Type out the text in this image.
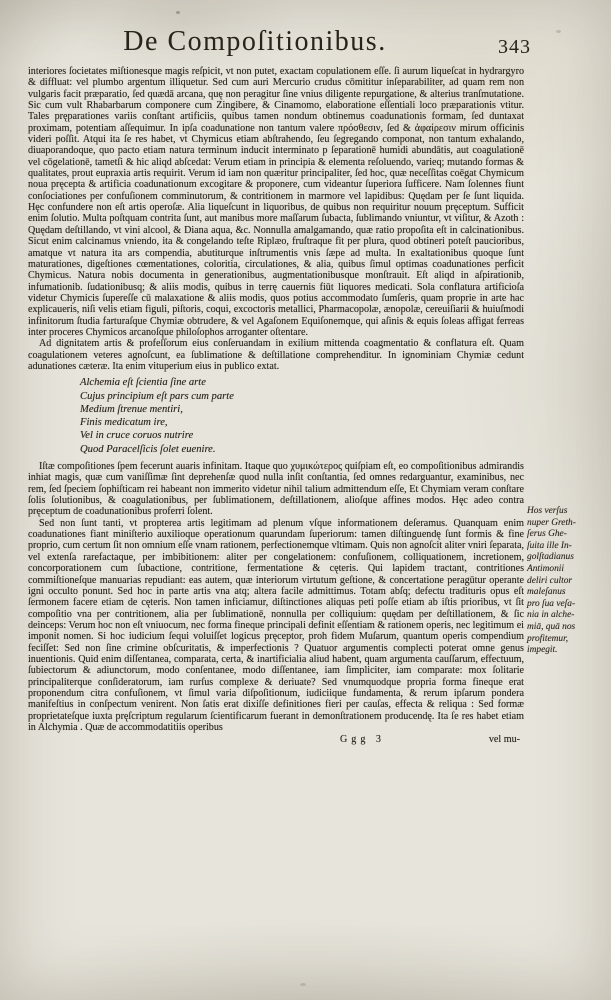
De Compoſitionibus.	343

interiores ſocietates miſtionesque magis reſpicit, vt non putet, exactam copulationem eſſe. ſi aurum liqueſcat in hydrargyro & diffluat: vel plumbo argentum illiquetur. Sed cum auri Mercurio crudus cōmititur inſeparabiliter, ad quam rem non vulgaris facit præparatio, ſed quædā arcana, quę non peragitur ſine vnius diligente repurgatione, & alterius tranſmutatione. Sic cum vult Rhabarbarum componere cum Zingibere, & Cinamomo, elaboratione eſſentiali loco præparationis vtitur. Tales pręparationes variis conſtant artificiis, quibus tamen nondum obtinemus coadunationis formam, ſed duntaxat proximam, potentiam aſſequimur. In ipſa coadunatione non tantum valere πρόσθεσιν, ſed & ἀφαίρεσιν mirum officinis videri poſſit. Atqui ita ſe res habet, vt Chymicus etiam abſtrahendo, ſeu ſegregando componat, non tantum exhalando, diuaporandoque, quo pacto etiam natura terminum inducit interminato p ſeparationē humidi abundātis, aut coagulationē vel cōgelationē, tametſi & hic aliqd abſcedat: Verum etiam in principia & elementa reſoluendo, varieq; mutando formas & qualitates, prout eupraxia artis requirit. Verum id iam non quæritur principaliter, ſed hoc, quæ neceſſitas coēgat Chymicum noua pręcepta & artificia coadunationum excogitare & proponere, cum videantur ſuperiora ſufficere. Nam ſolennes fiunt conſociationes per confuſionem comminutorum, & contritionem in marmore vel lapidibus: Quędam per ſe ſunt liquida. Hęc confundere non eſt artis operoſæ. Alia liqueſcunt in liquoribus, de quibus non requiritur nouum pręceptum. Sufficit enim ſolutio. Multa poſtquam contrita ſunt, aut manibus more maſſarum ſubacta, ſublimando vniuntur, vt viſitur, & Azoth : Quędam deſtillando, vt vini alcool, & Diana aqua, &c. Nonnulla amalgamando, quæ ratio propoſita eſt in calcinationibus. Sicut enim calcinamus vniendo, ita & congelando teſte Riplæo, fruſtraque fit per plura, quod obtineri poteſt paucioribus, amatque vt natura ita ars compendia, abutiturque inſtrumentis vnis ſæpe ad multa. In exaltationibus quoque ſunt maturationes, digeſtiones cœmentationes, coloritia, circulationes, & alia, quibus ſimul optimas coadunationes perficit Chymicus. Natura nobis documenta in generationibus, augmentationibusque monſtrauit. Eſt aliqd in aſpirationib, infumationib. ſudationibusq; & aliis modis, quibus in terrę cauernis fiūt liquores medicati. Sola conflatura artificioſa videtur Chymicis ſupereſſe cū malaxatione & aliis modis, quos potius accommodato ſumſeris, quam proprie in arte hac explicaueris, niſi velis etiam figuli, piſtoris, coqui, excoctoris metallici, Pharmacopolæ, ænopolæ, cereuiſiarii & huiuſmodi infinitorum ſtudia farturaſque Chymiæ obtrudere, & vel Agaſonem Equiſonemque, qui aſinis & equis ſoleas affigat ferreas inter proceres Chymicos arcanoſque philoſophos arroganter oſtentare.

Ad dignitatem artis & profeſſorum eius conſeruandam in exilium mittenda coagmentatio & conflatura eſt. Quam coagulationem veteres agnoſcunt, ea ſublimatione & deſtillatione comprehenditur. In ignominiam Chymiæ cedunt adunationes cæteræ. Ita enim vituperium eius in publico extat.

Alchemia eſt ſcientia ſine arte
Cujus principium eſt pars cum parte
Medium ſtrenue mentiri,
Finis medicatum ire,
Vel in cruce coruos nutrire
Quod Paracelſicis ſolet euenire.

Iſtæ compoſitiones ſpem fecerunt auaris infinitam. Itaque quo χυμικώτερος quiſpiam eſt, eo compoſitionibus admirandis inhiat magis, quæ cum vaniſſimæ ſint deprehenſæ quod nulla inſit conſtantia, ſed omnes redarguantur, examinibus, nec rem, ſed ſpeciem ſophiſticam rei habeant non immerito videtur nihil talium admittendum eſſe, Et Chymiam veram conſtare ſolis ſolutionibus, & coagulationibus, per ſublimationem, deſtillationem, alioſque affines modos. Hęc adeo contra pręceptum de coadunationibus proferri ſolent.

Sed non ſunt tanti, vt propterea artis legitimam ad plenum vſque informationem deſeramus. Quanquam enim coadunationes fiant miniſterio auxilioque operationum quarundam ſuperiorum: tamen diſtinguendę ſunt formis & fine proprio, cum certum ſit non omnium eſſe vnam rationem, perfectionemque vltimam. Quis non agnoſcit aliter vniri ſeparata, vel extenſa rarefactaque, per imbibitionem: aliter per congelationem: confuſionem, colliquationem, incretionem, concorporationem cum ſubactione, contritione, fermentatione & cęteris. Qui lapidem tractant, contritiones commiſtioneſque manuarias repudiant: eas autem, quæ interiorum virtutum geſtione, & concertatione peragūtur operante igni occulto ponunt. Sed hoc in parte artis vna atq; altera facile admittimus. Totam abſq; defectu tradituris opus eſt ſermonem facere etiam de cęteris. Non tamen inficiamur, diſtinctiones aliquas peti poſſe etiam ab iſtis prioribus, vt ſit compoſitio vna per contritionem, alia per ſublimationē, nonnulla per colliquium: quędam per deſtillationem, & ſic deinceps: Verum hoc non eſt vniuocum, nec forma fineque principali definit eſſentiam & rationem operis, nec legitimum ei imponit nomen. Si hoc iudicium ſequi voluiſſet logicus pręceptor, proh fidem Muſarum, quantum operis compendium feciſſet: Sed non ſine crimine obſcuritatis, & imperfectionis ? Quatuor argumentis complecti poterat omne genus inuentionis. Quid enim diſſentanea, comparata, certa, & inartificialia aliud habent, quam argumenta cauſſarum, effectuum, ſubiectorum & adiunctorum, modo conſentanee, modo diſſentanee, iam ſimpliciter, iam comparate: mox ſolitarie principaliterque conſideratorum, iam rurſus complexe & deriuate? Sed vnumquodque propria forma fineque erat proponendum citra confuſionem, vt ſimul varia diſpoſitionum, iudiciique fundamenta, & rerum ipſarum pondera manifeſtius in conſpectum venirent. Non ſatis erat dixiſſe definitiones fieri per cauſas, effecta & reliqua : Sed formæ proprietateſque iuxta pręſcriptum regularum ſcientificarum fuerant in demonſtrationem producendę. Ita ſe res habet etiam in Alchymia . Quæ de accommodatitiis operibus

Ggg 3	vel mu-
Hos verſus
nuper Greth-
ſerus Ghe-
ſuita ille In-
golſtadianus
Antimonii
deliri cultor
maleſanus
pro ſua veſa-
nia in alche-
miā, quā nos
profitemur,
impegit.
